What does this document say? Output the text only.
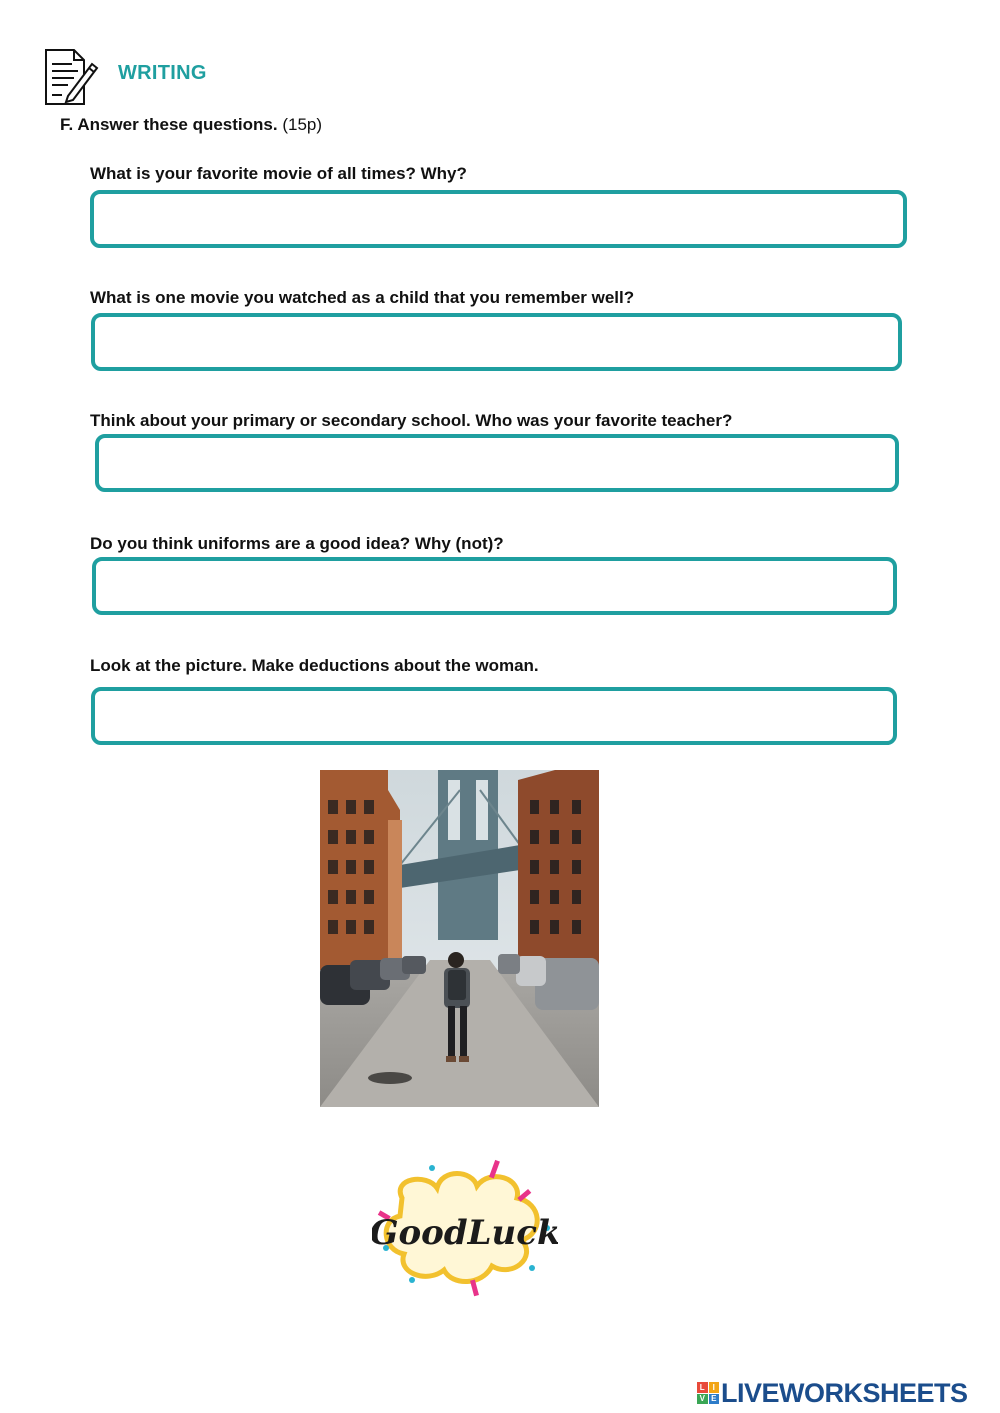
WRITING
F. Answer these questions. (15p)
What is your favorite movie of all times? Why?
What is one movie you watched as a child that you remember well?
Think about your primary or secondary school. Who was your favorite teacher?
Do you think uniforms are a good idea? Why (not)?
Look at the picture. Make deductions about the woman.
GoodLuck
L I
V E LIVEWORKSHEETS
